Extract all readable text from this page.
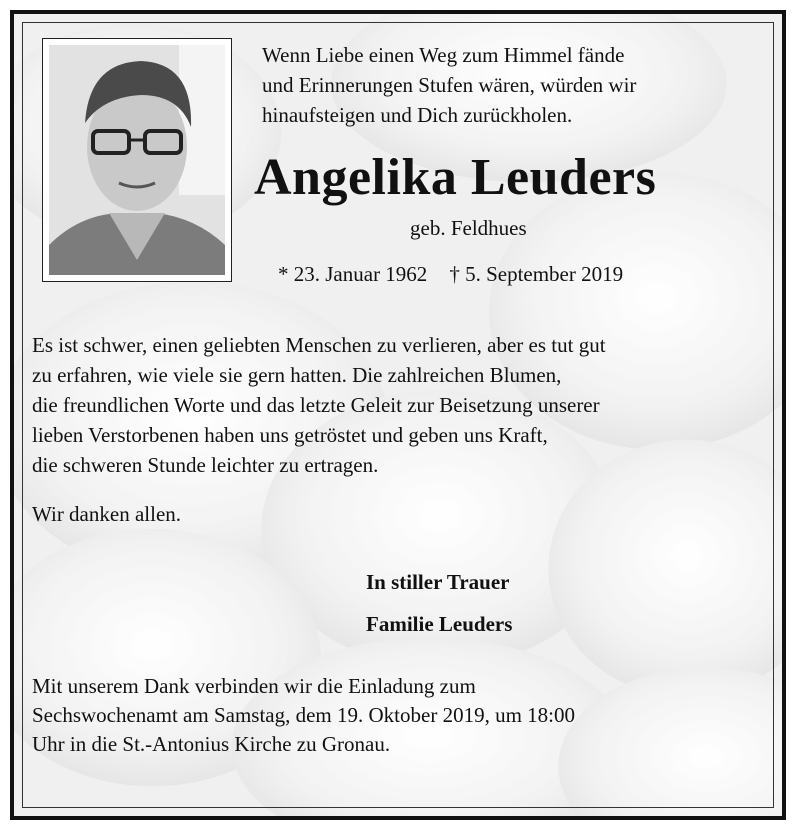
Wenn Liebe einen Weg zum Himmel fände
und Erinnerungen Stufen wären, würden wir
hinaufsteigen und Dich zurückholen.
Angelika Leuders
geb. Feldhues
* 23. Januar 1962 † 5. September 2019
Es ist schwer, einen geliebten Menschen zu verlieren, aber es tut gut
zu erfahren, wie viele sie gern hatten. Die zahlreichen Blumen,
die freundlichen Worte und das letzte Geleit zur Beisetzung unserer
lieben Verstorbenen haben uns getröstet und geben uns Kraft,
die schweren Stunde leichter zu ertragen.
Wir danken allen.
In stiller Trauer
Familie Leuders
Mit unserem Dank verbinden wir die Einladung zum
Sechswochenamt am Samstag, dem 19. Oktober 2019, um 18:00
Uhr in die St.-Antonius Kirche zu Gronau.
